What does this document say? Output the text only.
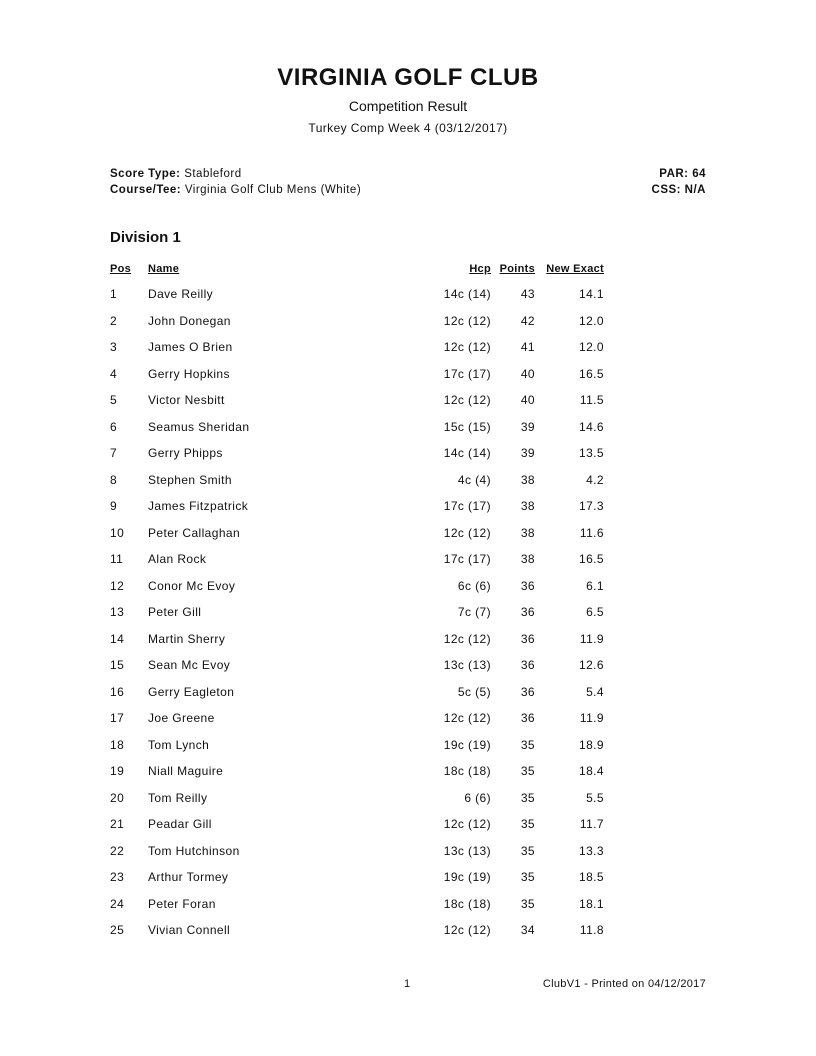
VIRGINIA GOLF CLUB
Competition Result
Turkey Comp Week 4 (03/12/2017)
Score Type: Stableford
Course/Tee: Virginia Golf Club Mens (White)
PAR: 64
CSS: N/A
Division 1
Pos Name	Hcp Points New Exact
1	Dave Reilly	14c (14) 43	14.1
2	John Donegan	12c (12) 42	12.0
3	James O Brien	12c (12) 41	12.0
4	Gerry Hopkins	17c (17) 40	16.5
5	Victor Nesbitt	12c (12) 40	11.5
6	Seamus Sheridan	15c (15) 39	14.6
7	Gerry Phipps	14c (14) 39	13.5
8	Stephen Smith	4c (4) 38	4.2
9	James Fitzpatrick	17c (17) 38	17.3
10 Peter Callaghan	12c (12) 38	11.6
11 Alan Rock	17c (17) 38	16.5
12 Conor Mc Evoy	6c (6) 36	6.1
13 Peter Gill	7c (7) 36	6.5
14 Martin Sherry	12c (12) 36	11.9
15 Sean Mc Evoy	13c (13) 36	12.6
16 Gerry Eagleton	5c (5) 36	5.4
17 Joe Greene	12c (12) 36	11.9
18 Tom Lynch	19c (19) 35	18.9
19 Niall Maguire	18c (18) 35	18.4
20 Tom Reilly	6 (6) 35	5.5
21 Peadar Gill	12c (12) 35	11.7
22 Tom Hutchinson	13c (13) 35	13.3
23 Arthur Tormey	19c (19) 35	18.5
24 Peter Foran	18c (18) 35	18.1
25 Vivian Connell	12c (12) 34	11.8
1	ClubV1 - Printed on 04/12/2017
